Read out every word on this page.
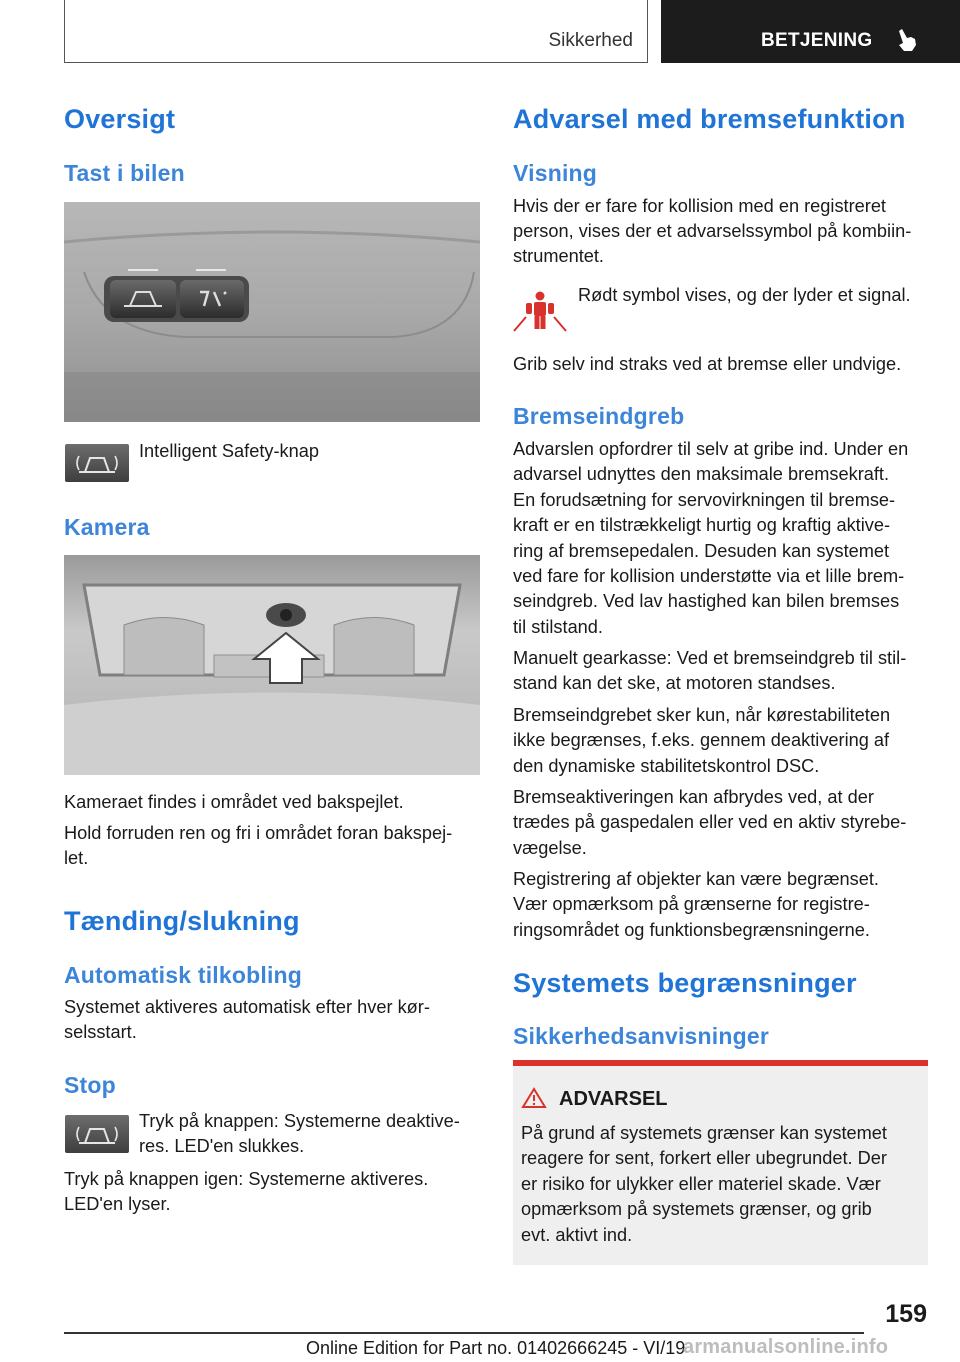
Sikkerhed	BETJENING
Oversigt
Tast i bilen
Intelligent Safety-knap
Kamera
Kameraet findes i området ved bakspejlet.
Hold forruden ren og fri i området foran bakspej‐
let.
Tænding/slukning
Automatisk tilkobling
Systemet aktiveres automatisk efter hver kør‐
selsstart.
Stop
Tryk på knappen: Systemerne deaktive‐
res. LED'en slukkes.
Tryk på knappen igen: Systemerne aktiveres.
LED'en lyser.
Advarsel med bremsefunktion
Visning
Hvis der er fare for kollision med en registreret
person, vises der et advarselssymbol på kombiin‐
strumentet.
Rødt symbol vises, og der lyder et signal.
Grib selv ind straks ved at bremse eller undvige.
Bremseindgreb
Advarslen opfordrer til selv at gribe ind. Under en
advarsel udnyttes den maksimale bremsekraft.
En forudsætning for servovirkningen til bremse‐
kraft er en tilstrækkeligt hurtig og kraftig aktive‐
ring af bremsepedalen. Desuden kan systemet
ved fare for kollision understøtte via et lille brem‐
seindgreb. Ved lav hastighed kan bilen bremses
til stilstand.
Manuelt gearkasse: Ved et bremseindgreb til stil‐
stand kan det ske, at motoren standses.
Bremseindgrebet sker kun, når kørestabiliteten
ikke begrænses, f.eks. gennem deaktivering af
den dynamiske stabilitetskontrol DSC.
Bremseaktiveringen kan afbrydes ved, at der
trædes på gaspedalen eller ved en aktiv styrebe‐
vægelse.
Registrering af objekter kan være begrænset.
Vær opmærksom på grænserne for registre‐
ringsområdet og funktionsbegrænsningerne.
Systemets begrænsninger
Sikkerhedsanvisninger
ADVARSEL
På grund af systemets grænser kan systemet
reagere for sent, forkert eller ubegrundet. Der
er risiko for ulykker eller materiel skade. Vær
opmærksom på systemets grænser, og grib
evt. aktivt ind.
159
Online Edition for Part no. 01402666245 - VI/19
armanualsonline.info
